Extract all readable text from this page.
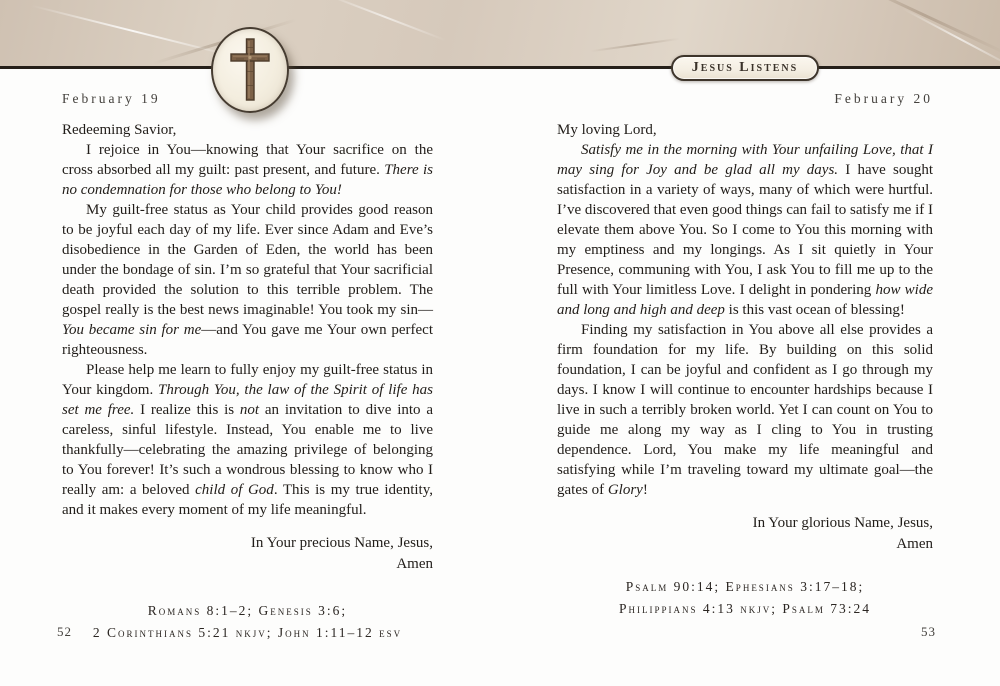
Jesus Listens
February 19

Redeeming Savior,

I rejoice in You—knowing that Your sacrifice on the cross absorbed all my guilt: past present, and future. There is no condemnation for those who belong to You!

My guilt-free status as Your child provides good reason to be joyful each day of my life. Ever since Adam and Eve’s disobedience in the Garden of Eden, the world has been under the bondage of sin. I’m so grateful that Your sacrificial death provided the solution to this terrible problem. The gospel really is the best news imaginable! You took my sin—You became sin for me—and You gave me Your own perfect righteousness.

Please help me learn to fully enjoy my guilt-free status in Your kingdom. Through You, the law of the Spirit of life has set me free. I realize this is not an invitation to dive into a careless, sinful lifestyle. Instead, You enable me to live thankfully—celebrating the amazing privilege of belonging to You forever! It’s such a wondrous blessing to know who I really am: a beloved child of God. This is my true identity, and it makes every moment of my life meaningful.

In Your precious Name, Jesus,
Amen
Romans 8:1–2; Genesis 3:6;
2 Corinthians 5:21 nkjv; John 1:11–12 esv
52
February 20

My loving Lord,

Satisfy me in the morning with Your unfailing Love, that I may sing for Joy and be glad all my days. I have sought satisfaction in a variety of ways, many of which were hurtful. I’ve discovered that even good things can fail to satisfy me if I elevate them above You. So I come to You this morning with my emptiness and my longings. As I sit quietly in Your Presence, communing with You, I ask You to fill me up to the full with Your limitless Love. I delight in pondering how wide and long and high and deep is this vast ocean of blessing!

Finding my satisfaction in You above all else provides a firm foundation for my life. By building on this solid foundation, I can be joyful and confident as I go through my days. I know I will continue to encounter hardships because I live in such a terribly broken world. Yet I can count on You to guide me along my way as I cling to You in trusting dependence. Lord, You make my life meaningful and satisfying while I’m traveling toward my ultimate goal—the gates of Glory!

In Your glorious Name, Jesus,
Amen
Psalm 90:14; Ephesians 3:17–18;
Philippians 4:13 nkjv; Psalm 73:24
53
